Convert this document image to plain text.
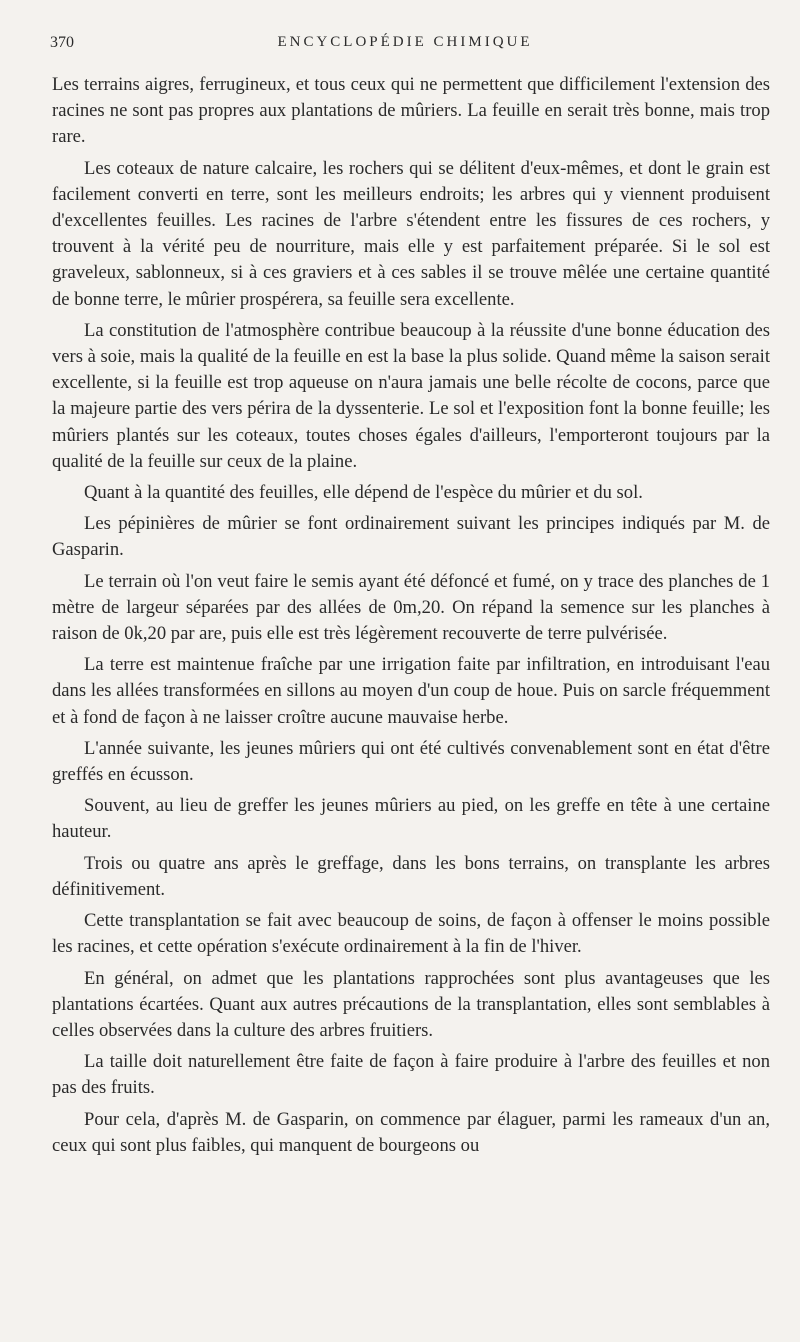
370	ENCYCLOPÉDIE CHIMIQUE

Les terrains aigres, ferrugineux, et tous ceux qui ne permettent que difficilement l'extension des racines ne sont pas propres aux plantations de mûriers. La feuille en serait très bonne, mais trop rare.

Les coteaux de nature calcaire, les rochers qui se délitent d'eux-mêmes, et dont le grain est facilement converti en terre, sont les meilleurs endroits; les arbres qui y viennent produisent d'excellentes feuilles. Les racines de l'arbre s'étendent entre les fissures de ces rochers, y trouvent à la vérité peu de nourriture, mais elle y est parfaitement préparée. Si le sol est graveleux, sablonneux, si à ces graviers et à ces sables il se trouve mêlée une certaine quantité de bonne terre, le mûrier prospérera, sa feuille sera excellente.

La constitution de l'atmosphère contribue beaucoup à la réussite d'une bonne éducation des vers à soie, mais la qualité de la feuille en est la base la plus solide. Quand même la saison serait excellente, si la feuille est trop aqueuse on n'aura jamais une belle récolte de cocons, parce que la majeure partie des vers périra de la dyssenterie. Le sol et l'exposition font la bonne feuille; les mûriers plantés sur les coteaux, toutes choses égales d'ailleurs, l'emporteront toujours par la qualité de la feuille sur ceux de la plaine.

Quant à la quantité des feuilles, elle dépend de l'espèce du mûrier et du sol.

Les pépinières de mûrier se font ordinairement suivant les principes indiqués par M. de Gasparin.

Le terrain où l'on veut faire le semis ayant été défoncé et fumé, on y trace des planches de 1 mètre de largeur séparées par des allées de 0m,20. On répand la semence sur les planches à raison de 0k,20 par are, puis elle est très légèrement recouverte de terre pulvérisée.

La terre est maintenue fraîche par une irrigation faite par infiltration, en introduisant l'eau dans les allées transformées en sillons au moyen d'un coup de houe. Puis on sarcle fréquemment et à fond de façon à ne laisser croître aucune mauvaise herbe.

L'année suivante, les jeunes mûriers qui ont été cultivés convenablement sont en état d'être greffés en écusson.

Souvent, au lieu de greffer les jeunes mûriers au pied, on les greffe en tête à une certaine hauteur.

Trois ou quatre ans après le greffage, dans les bons terrains, on transplante les arbres définitivement.

Cette transplantation se fait avec beaucoup de soins, de façon à offenser le moins possible les racines, et cette opération s'exécute ordinairement à la fin de l'hiver.

En général, on admet que les plantations rapprochées sont plus avantageuses que les plantations écartées. Quant aux autres précautions de la transplantation, elles sont semblables à celles observées dans la culture des arbres fruitiers.

La taille doit naturellement être faite de façon à faire produire à l'arbre des feuilles et non pas des fruits.

Pour cela, d'après M. de Gasparin, on commence par élaguer, parmi les rameaux d'un an, ceux qui sont plus faibles, qui manquent de bourgeons ou
